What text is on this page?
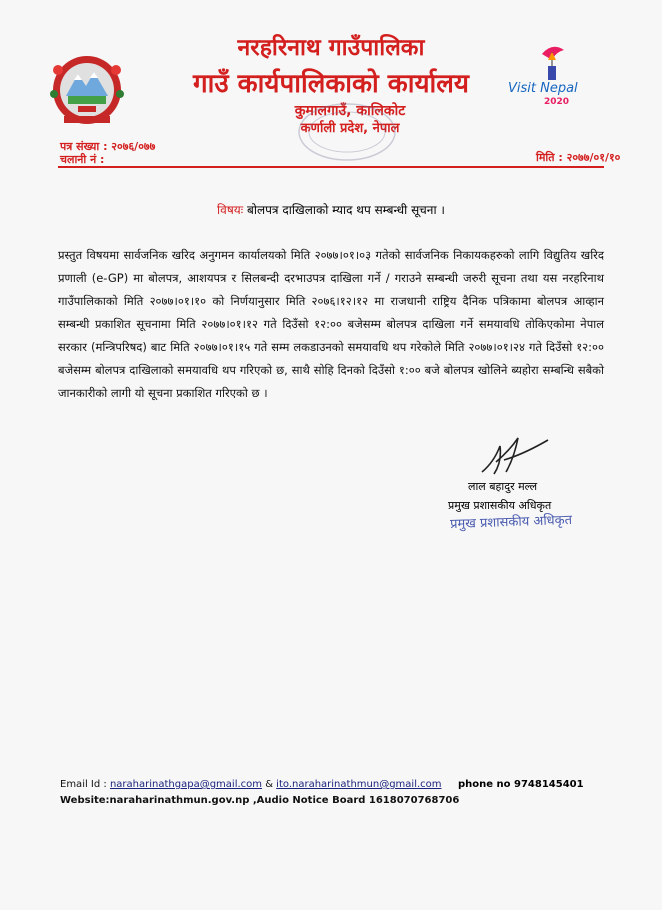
नरहरिनाथ गाउँपालिका
गाउँ कार्यपालिकाको कार्यालय
कुमालगाउँ, कालिकोट
कर्णाली प्रदेश, नेपाल
Visit Nepal
2020
पत्र संख्या : २०७६/०७७
चलानी नं :	मिति : २०७७/०१/१०
विषयः बोलपत्र दाखिलाको म्याद थप सम्बन्धी सूचना ।
प्रस्तुत विषयमा सार्वजनिक खरिद अनुगमन कार्यालयको मिति २०७७।०१।०३ गतेको सार्वजनिक निकायकहरुको लागि विद्युतिय खरिद प्रणाली (e-GP) मा बोलपत्र, आशयपत्र र सिलबन्दी दरभाउपत्र दाखिला गर्ने / गराउने सम्बन्धी जरुरी सूचना तथा यस नरहरिनाथ गाउँपालिकाको मिति २०७७।०१।१० को निर्णयानुसार मिति २०७६।१२।१२ मा राजधानी राष्ट्रिय दैनिक पत्रिकामा बोलपत्र आव्हान सम्बन्धी प्रकाशित सूचनामा मिति २०७७।०१।१२ गते दिउँसो १२:०० बजेसम्म बोलपत्र दाखिला गर्ने समयावधि तोकिएकोमा नेपाल सरकार (मन्त्रिपरिषद) बाट मिति २०७७।०१।१५ गते सम्म लकडाउनको समयावधि थप गरेकोले मिति २०७७।०१।२४ गते दिउँसो १२:०० बजेसम्म बोलपत्र दाखिलाको समयावधि थप गरिएको छ, साथै सोहि दिनको दिउँसो १:०० बजे बोलपत्र खोलिने ब्यहोरा सम्बन्धि सबैको जानकारीको लागी यो सूचना प्रकाशित गरिएको छ ।
लाल बहादुर मल्ल
प्रमुख प्रशासकीय अधिकृत
प्रमुख प्रशासकीय अधिकृत
Email Id : naraharinathgapa@gmail.com & ito.naraharinathmun@gmail.com phone no 9748145401
Website:naraharinathmun.gov.np ,Audio Notice Board 1618070768706
